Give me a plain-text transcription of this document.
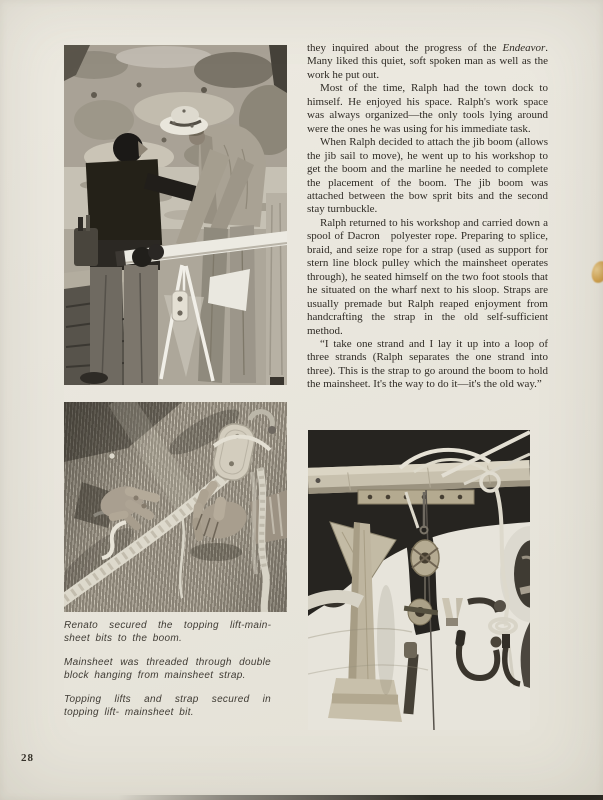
they inquired about the progress of the Endeavor. Many liked this quiet, soft spoken man as well as the work he put out.

Most of the time, Ralph had the town dock to himself. He enjoyed his space. Ralph's work space was always organized—the only tools lying around were the ones he was using for his immediate task.

When Ralph decided to attach the jib boom (allows the jib sail to move), he went up to his workshop to get the boom and the marline he needed to complete the placement of the boom. The jib boom was attached between the bow sprit bits and the second stay turnbuckle.

Ralph returned to his workshop and carried down a spool of Dacron polyester rope. Preparing to splice, braid, and seize rope for a strap (used as support for stern line block pulley which the mainsheet operates through), he seated himself on the two foot stools that he situated on the wharf next to his sloop. Straps are usually premade but Ralph reaped enjoyment from handcrafting the strap in the old self-sufficient method.

“I take one strand and I lay it up into a loop of three strands (Ralph separates the one strand into three). This is the strap to go around the boom to hold the mainsheet. It's the way to do it—it's the old way.”

Renato secured the topping lift-mainsheet bits to the boom.

Mainsheet was threaded through double block hanging from mainsheet strap.

Topping lifts and strap secured in topping lift- mainsheet bit.

28
